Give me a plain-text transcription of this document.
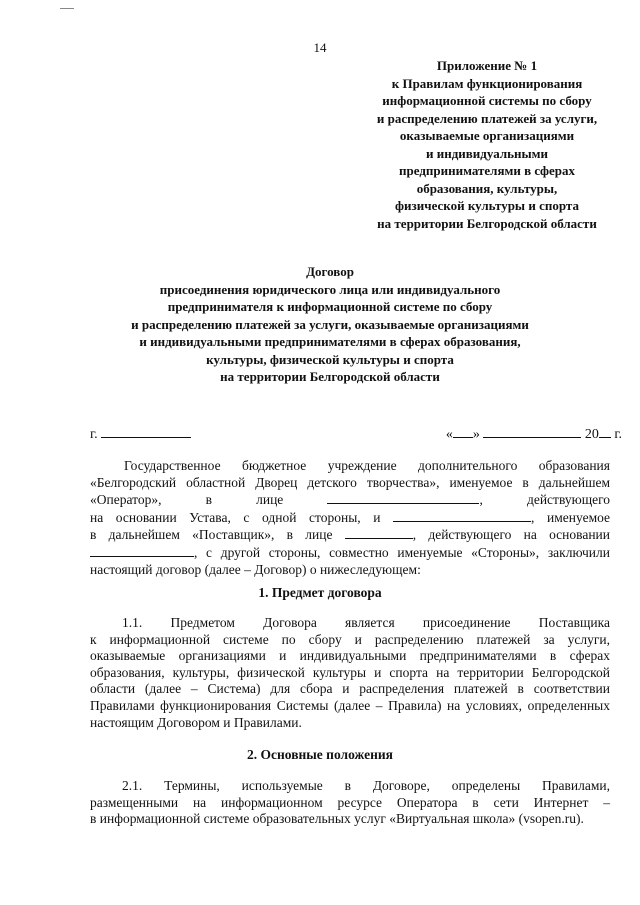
14
Приложение № 1
к Правилам функционирования
информационной системы по сбору
и распределению платежей за услуги,
оказываемые организациями
и индивидуальными
предпринимателями в сферах
образования, культуры,
физической культуры и спорта
на территории Белгородской области
Договор
присоединения юридического лица или индивидуального
предпринимателя к информационной системе по сбору
и распределению платежей за услуги, оказываемые организациями
и индивидуальными предпринимателями в сферах образования,
культуры, физической культуры и спорта
на территории Белгородской области
г.	« »	20 г.
Государственное бюджетное учреждение дополнительного образования
«Белгородский областной Дворец детского творчества», именуемое в дальнейшем
«Оператор»,	в	лице	,	действующего
на основании Устава, с одной стороны, и	, именуемое
в дальнейшем «Поставщик», в лице	, действующего на основании
, с другой стороны, совместно именуемые «Стороны», заключили
настоящий договор (далее – Договор) о нижеследующем:
1. Предмет договора
1.1. Предметом Договора является присоединение Поставщика
к информационной системе по сбору и распределению платежей за услуги,
оказываемые организациями и индивидуальными предпринимателями в сферах
образования, культуры, физической культуры и спорта на территории Белгородской
области (далее – Система) для сбора и распределения платежей в соответствии
Правилами функционирования Системы (далее – Правила) на условиях, определенных
настоящим Договором и Правилами.
2. Основные положения
2.1. Термины, используемые в Договоре, определены Правилами,
размещенными на информационном ресурсе Оператора в сети Интернет –
в информационной системе образовательных услуг «Виртуальная школа» (vsopen.ru).
